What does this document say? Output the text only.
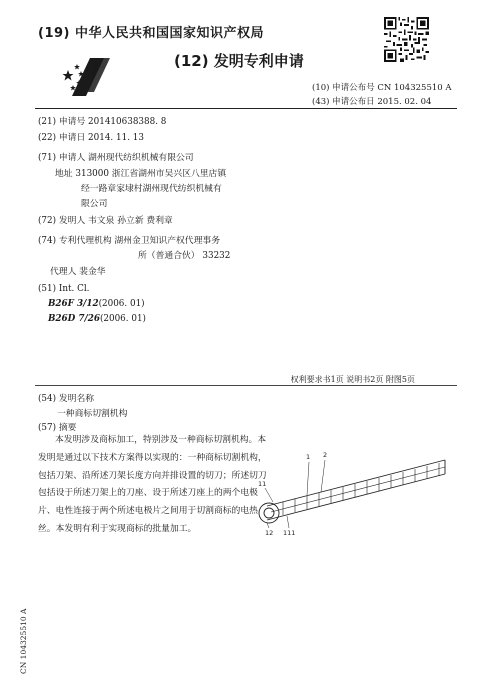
(19) 中华人民共和国国家知识产权局
(12) 发明专利申请
(10) 申请公布号 CN 104325510 A
(43) 申请公布日 2015. 02. 04
(21) 申请号 201410638388. 8
(22) 申请日 2014. 11. 13
(71) 申请人 湖州现代纺织机械有限公司
地址 313000 浙江省湖州市吴兴区八里店镇
经一路章家埭村湖州现代纺织机械有
限公司
(72) 发明人 韦文泉 孙立新 费利章
(74) 专利代理机构 湖州金卫知识产权代理事务
所（普通合伙） 33232
代理人 裴金华
(51) Int. Cl.
B26F 3/12(2006. 01)
B26D 7/26(2006. 01)
权利要求书1页 说明书2页 附图5页
(54) 发明名称
一种商标切割机构
(57) 摘要
本发明涉及商标加工，特别涉及一种商标切割机构。本发明是通过以下技术方案得以实现的：一种商标切割机构，包括刀架、沿所述刀架长度方向并排设置的切刀；所述切刀包括设于所述刀架上的刀座、设于所述刀座上的两个电极片、电性连接于两个所述电极片之间用于切割商标的电热丝。本发明有利于实现商标的批量加工。
1 2
11
12 111
CN 104325510 A
